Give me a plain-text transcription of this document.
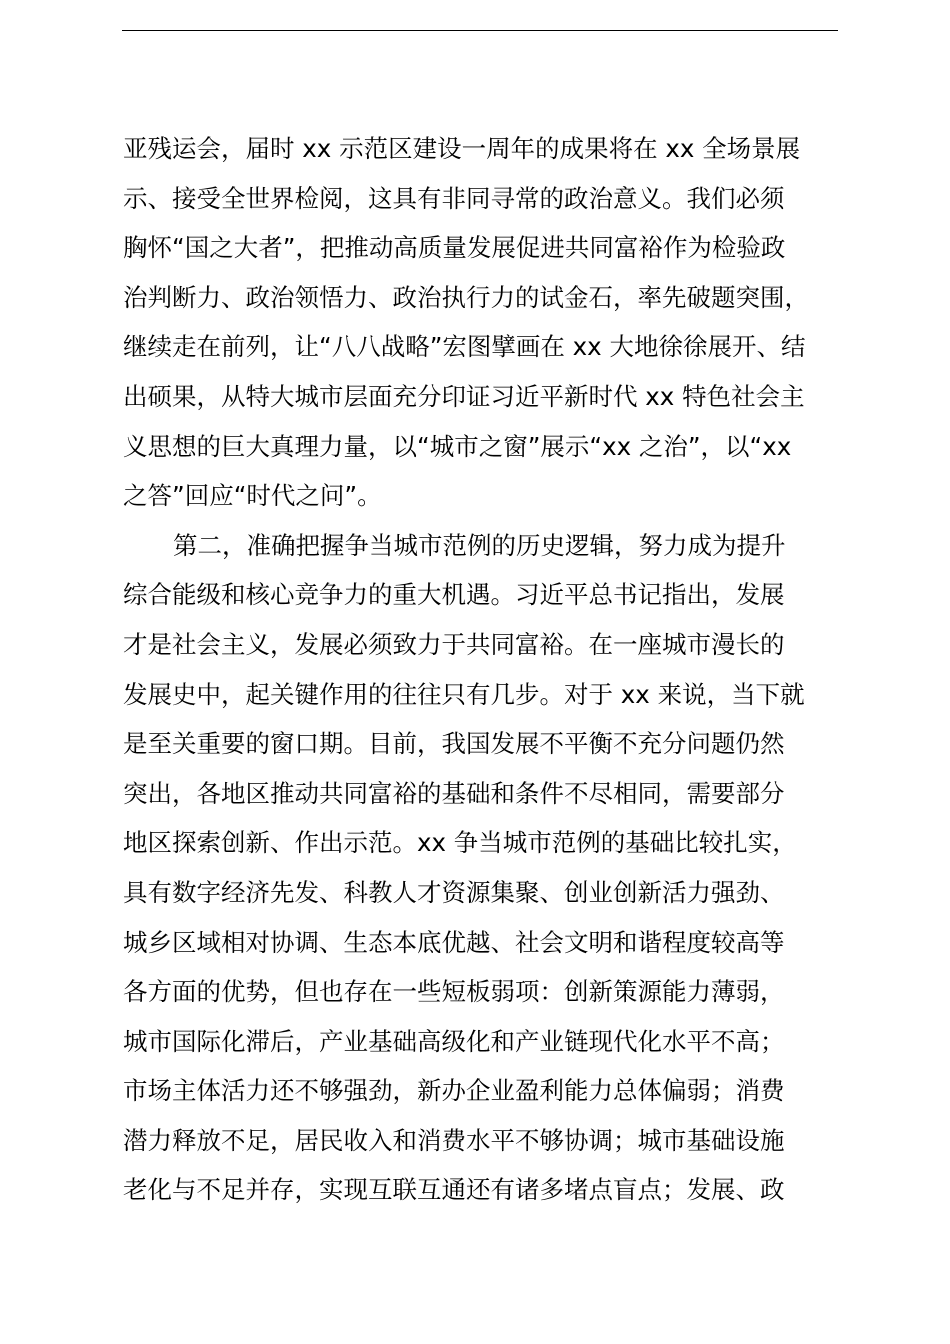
亚残运会，届时 xx 示范区建设一周年的成果将在 xx 全场景展
示、接受全世界检阅，这具有非同寻常的政治意义。我们必须
胸怀“国之大者”，把推动高质量发展促进共同富裕作为检验政
治判断力、政治领悟力、政治执行力的试金石，率先破题突围，
继续走在前列，让“八八战略”宏图擘画在 xx 大地徐徐展开、结
出硕果，从特大城市层面充分印证习近平新时代 xx 特色社会主
义思想的巨大真理力量，以“城市之窗”展示“xx 之治”，以“xx
之答”回应“时代之问”。
第二，准确把握争当城市范例的历史逻辑，努力成为提升
综合能级和核心竞争力的重大机遇。习近平总书记指出，发展
才是社会主义，发展必须致力于共同富裕。在一座城市漫长的
发展史中，起关键作用的往往只有几步。对于 xx 来说，当下就
是至关重要的窗口期。目前，我国发展不平衡不充分问题仍然
突出，各地区推动共同富裕的基础和条件不尽相同，需要部分
地区探索创新、作出示范。xx 争当城市范例的基础比较扎实，
具有数字经济先发、科教人才资源集聚、创业创新活力强劲、
城乡区域相对协调、生态本底优越、社会文明和谐程度较高等
各方面的优势，但也存在一些短板弱项：创新策源能力薄弱，
城市国际化滞后，产业基础高级化和产业链现代化水平不高；
市场主体活力还不够强劲，新办企业盈利能力总体偏弱；消费
潜力释放不足，居民收入和消费水平不够协调；城市基础设施
老化与不足并存，实现互联互通还有诸多堵点盲点；发展、政
